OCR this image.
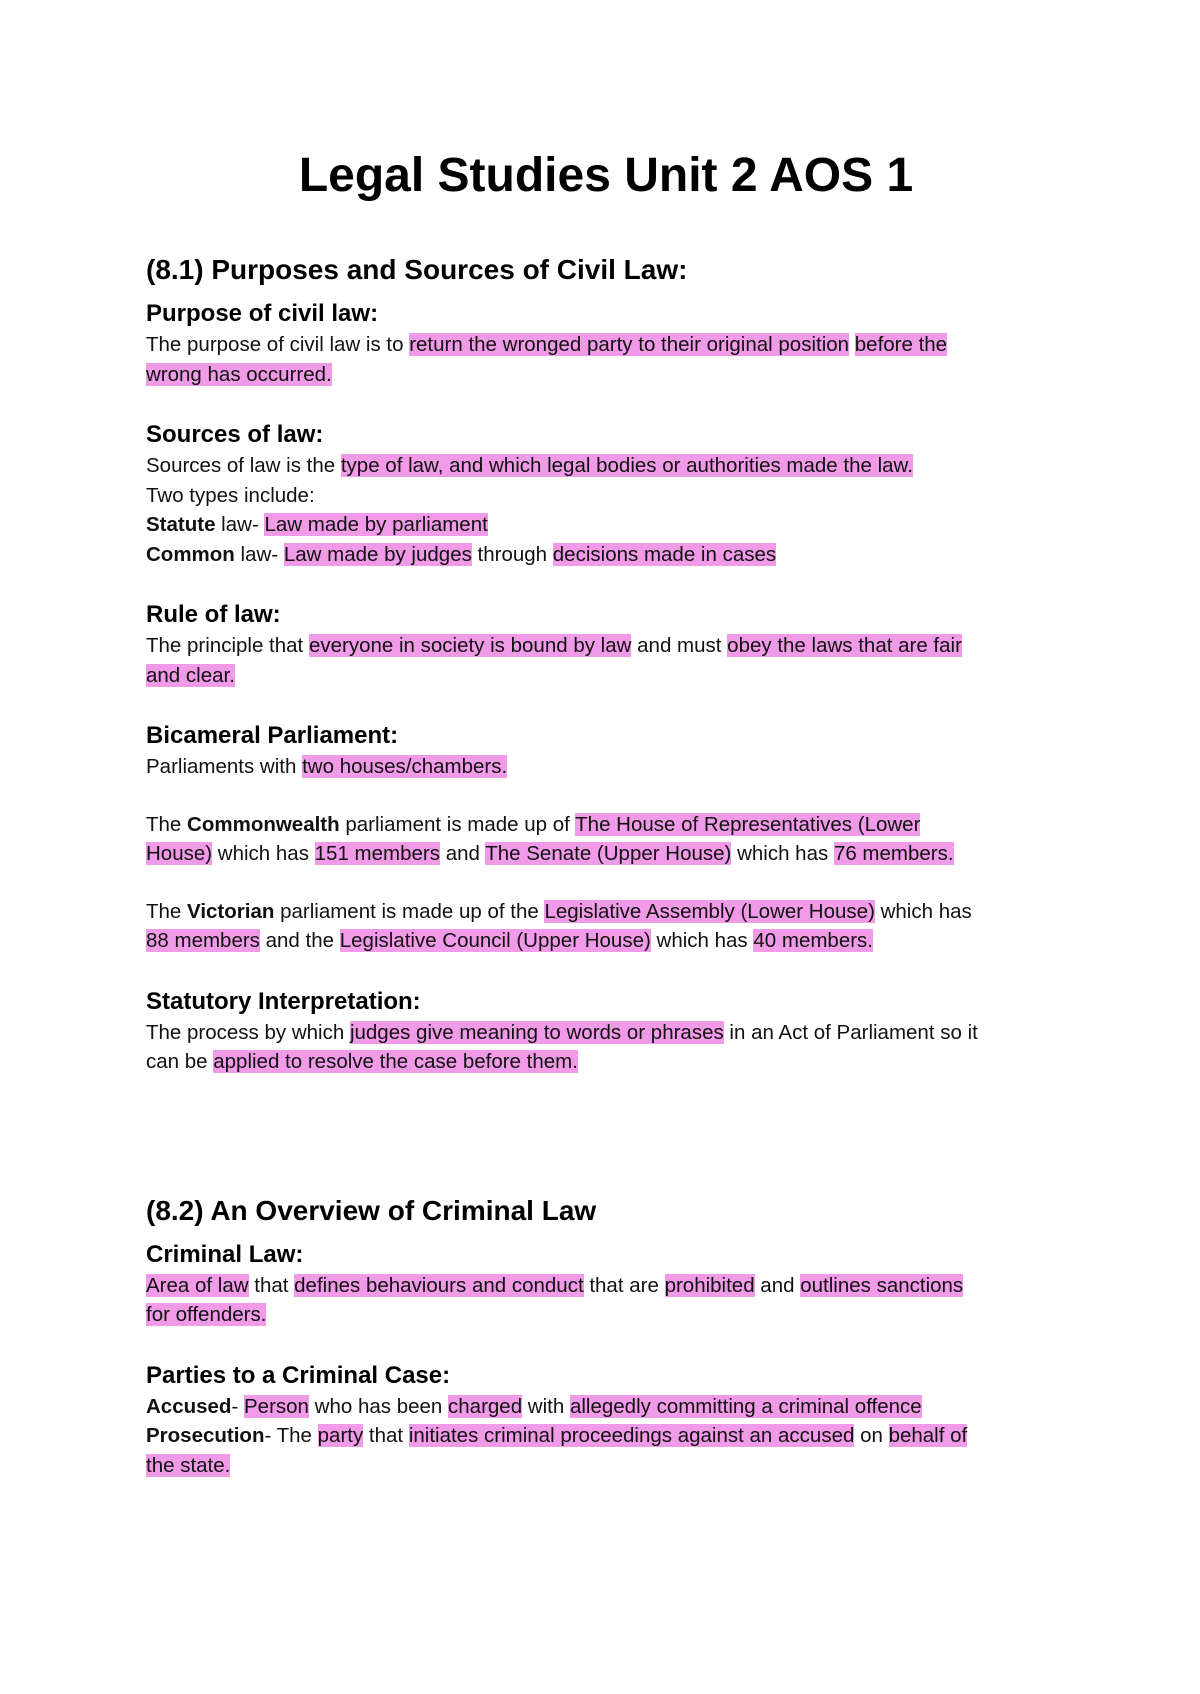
Legal Studies Unit 2 AOS 1
(8.1) Purposes and Sources of Civil Law:
Purpose of civil law:

The purpose of civil law is to return the wronged party to their original position before the
wrong has occurred.

Sources of law:

Sources of law is the type of law, and which legal bodies or authorities made the law.
Two types include:
Statute law- Law made by parliament
Common law- Law made by judges through decisions made in cases

Rule of law:

The principle that everyone in society is bound by law and must obey the laws that are fair
and clear.

Bicameral Parliament:

Parliaments with two houses/chambers.

The Commonwealth parliament is made up of The House of Representatives (Lower
House) which has 151 members and The Senate (Upper House) which has 76 members.

The Victorian parliament is made up of the Legislative Assembly (Lower House) which has
88 members and the Legislative Council (Upper House) which has 40 members.

Statutory Interpretation:

The process by which judges give meaning to words or phrases in an Act of Parliament so it
can be applied to resolve the case before them.

(8.2) An Overview of Criminal Law
Criminal Law:

Area of law that defines behaviours and conduct that are prohibited and outlines sanctions
for offenders.

Parties to a Criminal Case:

Accused- Person who has been charged with allegedly committing a criminal offence
Prosecution- The party that initiates criminal proceedings against an accused on behalf of
the state.
